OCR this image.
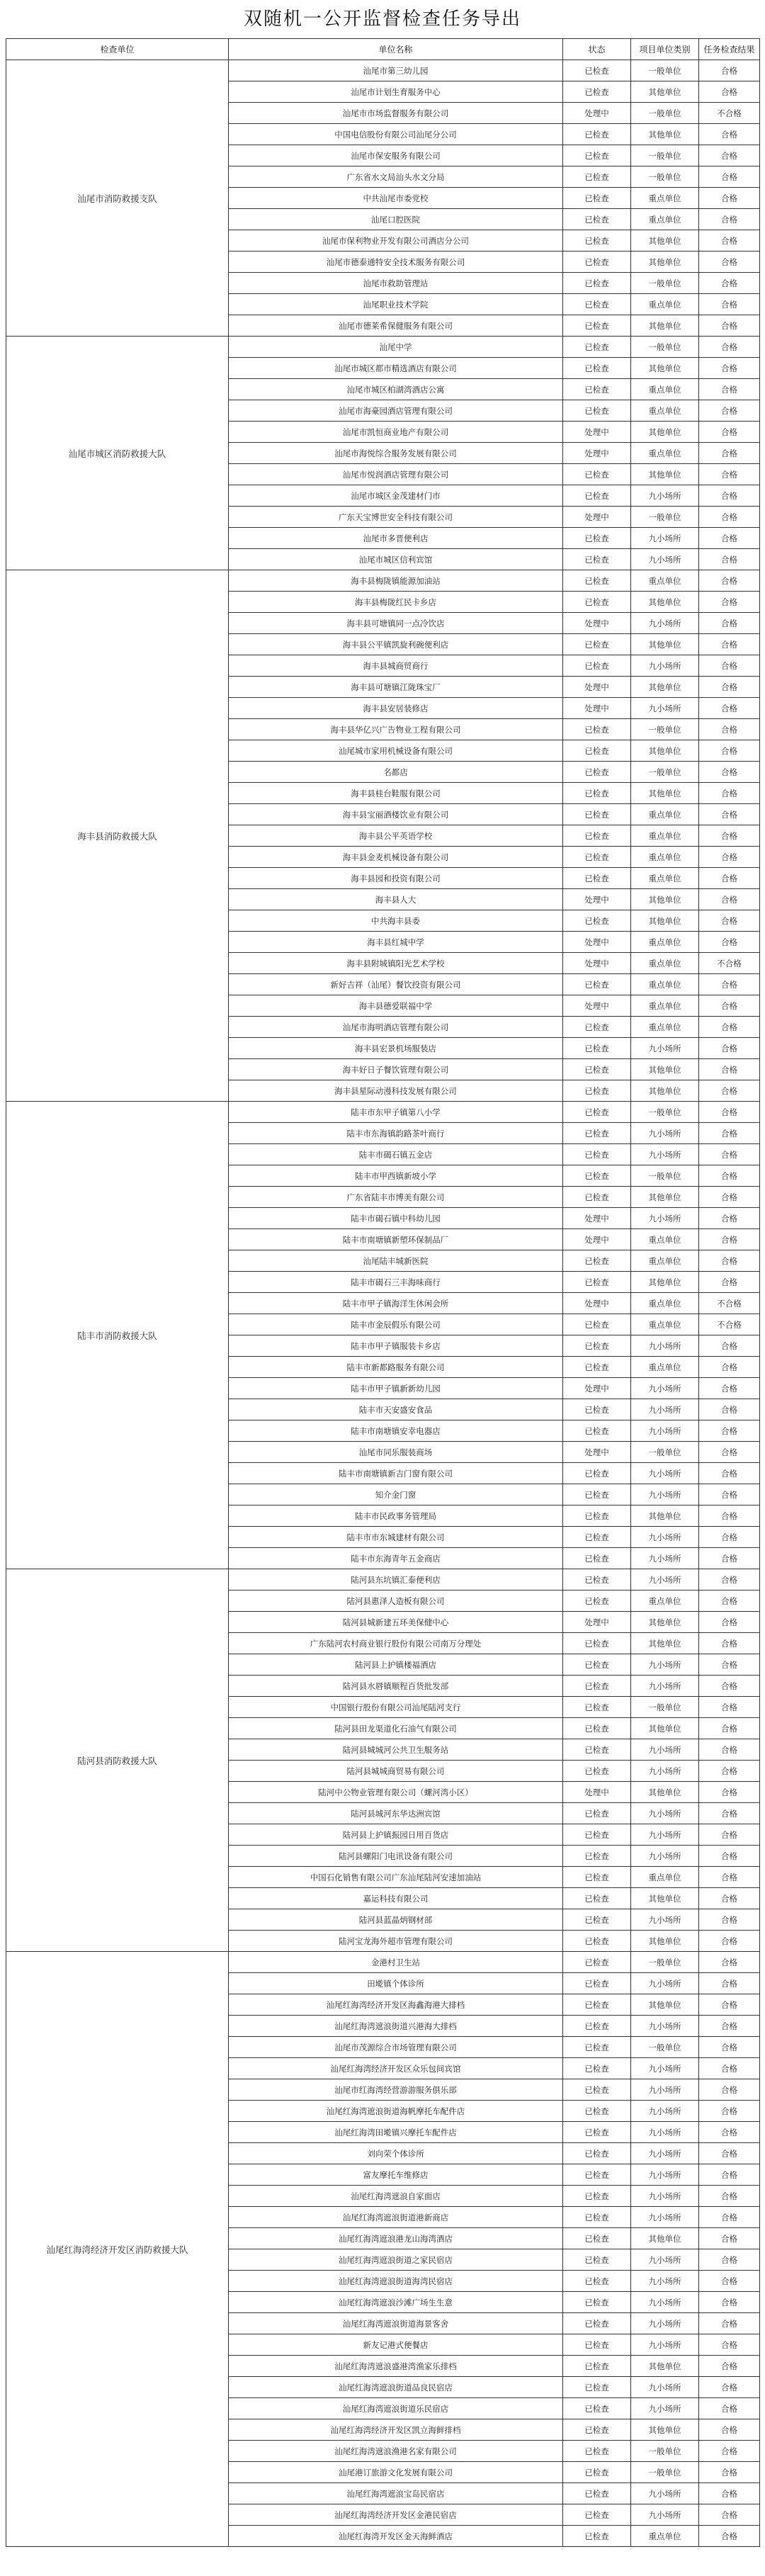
双随机一公开监督检查任务导出
检查单位	单位名称	状态	项目单位类别	任务检查结果
汕尾市消防救援支队	汕尾市第三幼儿园	已检查	一般单位	合格
	汕尾市计划生育服务中心	已检查	其他单位	合格
	汕尾市市场监督服务有限公司	处理中	一般单位	不合格
	中国电信股份有限公司汕尾分公司	已检查	其他单位	合格
	汕尾市保安服务有限公司	已检查	一般单位	合格
	广东省水文局汕头水文分局	已检查	一般单位	合格
	中共汕尾市委党校	已检查	重点单位	合格
	汕尾口腔医院	已检查	重点单位	合格
	汕尾市保利物业开发有限公司酒店分公司	已检查	其他单位	合格
	汕尾市德泰通特安全技术服务有限公司	已检查	其他单位	合格
	汕尾市救助管理站	已检查	一般单位	合格
	汕尾职业技术学院	已检查	重点单位	合格
	汕尾市德莱希保健服务有限公司	已检查	其他单位	合格
汕尾市城区消防救援大队	汕尾中学	已检查	一般单位	合格
	汕尾市城区都市精选酒店有限公司	已检查	其他单位	合格
	汕尾市城区柏湖湾酒店公寓	已检查	重点单位	合格
	汕尾市海豪园酒店管理有限公司	已检查	重点单位	合格
	汕尾市凯恒商业地产有限公司	处理中	其他单位	合格
	汕尾市海悦综合服务发展有限公司	处理中	重点单位	合格
	汕尾市悦润酒店管理有限公司	已检查	其他单位	合格
	汕尾市城区金茂建材门市	已检查	九小场所	合格
	广东天宝博世安全科技有限公司	处理中	一般单位	合格
	汕尾市多晋便利店	已检查	九小场所	合格
	汕尾市城区信利宾馆	已检查	九小场所	合格
海丰县消防救援大队	海丰县梅陇镇能源加油站	已检查	重点单位	合格
	海丰县梅陇红民卡乡店	已检查	其他单位	合格
	海丰县可塘镇同一点冷饮店	处理中	九小场所	合格
	海丰县公平镇凯旋利碗便利店	已检查	其他单位	合格
	海丰县城商贸商行	已检查	九小场所	合格
	海丰县可塘镇江陇珠宝厂	处理中	其他单位	合格
	海丰县安居装修店	处理中	九小场所	合格
	海丰县华亿兴广告物业工程有限公司	已检查	一般单位	合格
	汕尾城市家用机械设备有限公司	已检查	其他单位	合格
	名都店	已检查	一般单位	合格
	海丰县桂台鞋服有限公司	已检查	其他单位	合格
	海丰县宝丽酒楼饮业有限公司	已检查	重点单位	合格
	海丰县公平英语学校	已检查	重点单位	合格
	海丰县金麦机械设备有限公司	已检查	重点单位	合格
	海丰县园和投资有限公司	已检查	重点单位	合格
	海丰县人大	处理中	其他单位	合格
	中共海丰县委	已检查	其他单位	合格
	海丰县红城中学	处理中	重点单位	合格
	海丰县附城镇阳光艺术学校	处理中	重点单位	不合格
	新好吉祥（汕尾）餐饮投资有限公司	已检查	重点单位	合格
	海丰县德爱联福中学	处理中	重点单位	合格
	汕尾市海明酒店管理有限公司	已检查	重点单位	合格
	海丰县宏景机场服装店	已检查	九小场所	合格
	海丰好日子餐饮管理有限公司	已检查	其他单位	合格
	海丰县星际动漫科技发展有限公司	已检查	其他单位	合格
陆丰市消防救援大队	陆丰市东甲子镇第八小学	已检查	一般单位	合格
	陆丰市东海镇韵路茶叶商行	已检查	九小场所	合格
	陆丰市碣石镇五金店	已检查	九小场所	合格
	陆丰市甲西镇新坡小学	已检查	一般单位	合格
	广东省陆丰市博美有限公司	已检查	其他单位	合格
	陆丰市碣石镇中科幼儿园	处理中	九小场所	合格
	陆丰市南塘镇新塑环保制品厂	处理中	重点单位	合格
	汕尾陆丰城新医院	已检查	重点单位	合格
	陆丰市碣石三丰海味商行	已检查	其他单位	合格
	陆丰市甲子镇海洋生休闲会所	处理中	重点单位	不合格
	陆丰市金辰假乐有限公司	已检查	重点单位	不合格
	陆丰市甲子镇服装卡乡店	已检查	九小场所	合格
	陆丰市新都路服务有限公司	已检查	重点单位	合格
	陆丰市甲子镇新新幼儿园	处理中	九小场所	合格
	陆丰市天安盛安食品	已检查	九小场所	合格
	陆丰市南塘镇安幸电器店	已检查	九小场所	合格
	汕尾市同乐服装商场	处理中	一般单位	合格
	陆丰市南塘镇新吉门窗有限公司	已检查	九小场所	合格
	知介金门窗	已检查	九小场所	合格
	陆丰市民政事务管理局	已检查	其他单位	合格
	陆丰市市东城建材有限公司	已检查	九小场所	合格
	陆丰市东海青年五金商店	已检查	九小场所	合格
陆河县消防救援大队	陆河县东坑镇汇泰便利店	已检查	九小场所	合格
	陆河县惠泽人造板有限公司	已检查	重点单位	合格
	陆河县城新建五环美保健中心	处理中	其他单位	合格
	广东陆河农村商业银行股份有限公司南万分理处	已检查	其他单位	合格
	陆河县上护镇楼福酒店	已检查	九小场所	合格
	陆河县水唇镇顺程百货批发部	已检查	九小场所	合格
	中国银行股份有限公司汕尾陆河支行	已检查	一般单位	合格
	陆河县田龙渠道化石油气有限公司	已检查	其他单位	合格
	陆河县城城河公共卫生服务站	已检查	九小场所	合格
	陆河县城城商贸易有限公司	已检查	九小场所	合格
	陆河中公物业管理有限公司（螺河湾小区）	处理中	其他单位	合格
	陆河县城河东华达洲宾馆	已检查	九小场所	合格
	陆河县上护镇振园日用百货店	已检查	九小场所	合格
	陆河县螺阳门电讯设备有限公司	已检查	九小场所	合格
	中国石化销售有限公司广东汕尾陆河安速加油站	已检查	重点单位	合格
	嘉运科技有限公司	已检查	其他单位	合格
	陆河县蓝晶炳钢材部	已检查	九小场所	合格
	陆河宝龙海外超市管理有限公司	已检查	其他单位	合格
汕尾红海湾经济开发区消防救援大队	金港村卫生站	已检查	一般单位	合格
	田墘镇个体诊所	已检查	九小场所	合格
	汕尾红海湾经济开发区海鑫海港大排档	已检查	其他单位	合格
	汕尾红海湾遮浪街道兴港海大排档	已检查	九小场所	合格
	汕尾市茂源综合市场管理有限公司	已检查	一般单位	合格
	汕尾红海湾经济开发区众乐包间宾馆	已检查	九小场所	合格
	汕尾市红海湾经营游游服务俱乐部	已检查	九小场所	合格
	汕尾红海湾遮浪街道海帆摩托车配件店	已检查	九小场所	合格
	汕尾红海湾田墘镇兴摩托车配件店	已检查	九小场所	合格
	刘向荣个体诊所	已检查	九小场所	合格
	富友摩托车维修店	已检查	九小场所	合格
	汕尾红海湾遮浪自家面店	已检查	九小场所	合格
	汕尾红海湾遮浪街道港新商店	已检查	九小场所	合格
	汕尾红海湾遮浪港龙山海湾酒店	已检查	其他单位	合格
	汕尾红海湾遮浪街道之家民宿店	已检查	九小场所	合格
	汕尾红海湾遮浪街道海湾民宿店	已检查	九小场所	合格
	汕尾红海湾遮浪沙滩广场生生意	已检查	九小场所	合格
	汕尾红海湾遮浪街道海景客舍	已检查	九小场所	合格
	新友记港式便餐店	已检查	九小场所	合格
	汕尾红海湾遮浪盛港湾渔家乐排档	已检查	其他单位	合格
	汕尾红海湾遮浪街道品良民宿店	已检查	九小场所	合格
	汕尾红海湾遮浪街道乐民宿店	已检查	九小场所	合格
	汕尾红海湾经济开发区凯立海鲜排档	已检查	其他单位	合格
	汕尾红海湾遮浪渔港名家有限公司	已检查	一般单位	合格
	汕尾港订旅游文化发展有限公司	已检查	一般单位	合格
	汕尾红海湾遮浪宝岛民宿店	已检查	九小场所	合格
	汕尾红海湾经济开发区金港民宿店	已检查	九小场所	合格
	汕尾红海湾开发区金天海鲜酒店	已检查	重点单位	合格
